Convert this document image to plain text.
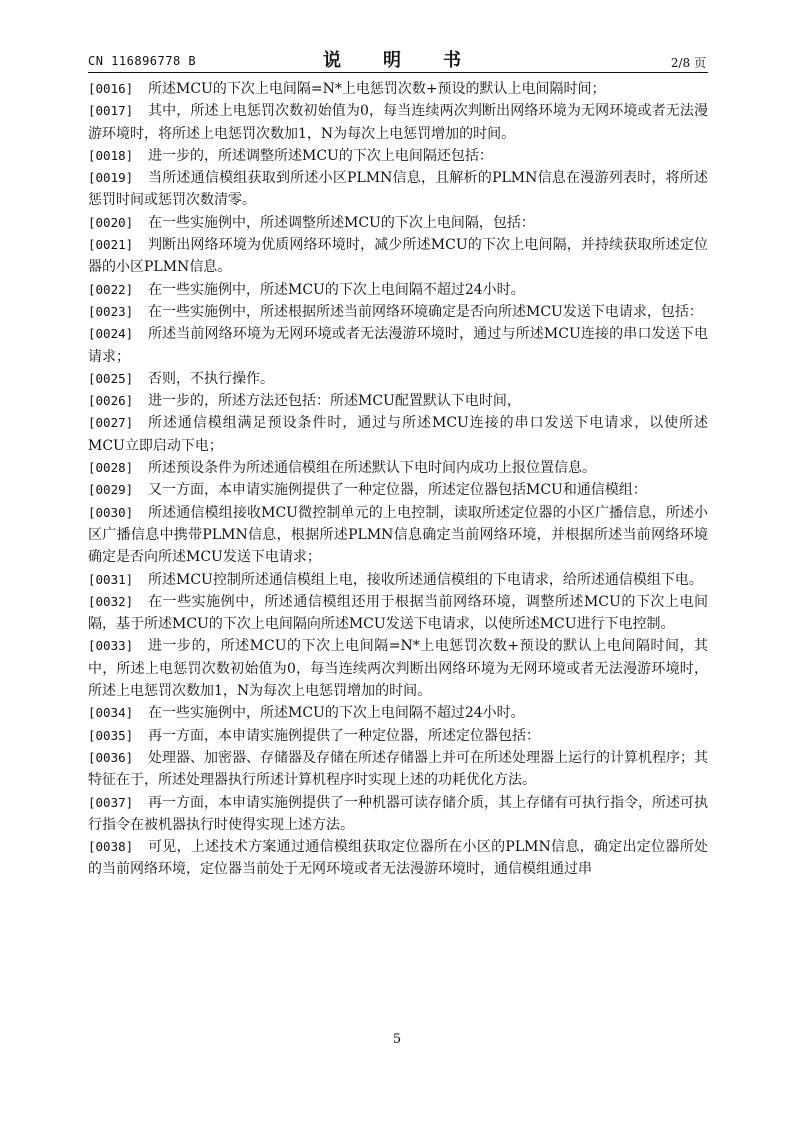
CN 116896778 B	说　明　书	2/8 页

[0016] 所述MCU的下次上电间隔=N*上电惩罚次数+预设的默认上电间隔时间；

[0017] 其中，所述上电惩罚次数初始值为0，每当连续两次判断出网络环境为无网环境或者无法漫游环境时，将所述上电惩罚次数加1，N为每次上电惩罚增加的时间。

[0018] 进一步的，所述调整所述MCU的下次上电间隔还包括：

[0019] 当所述通信模组获取到所述小区PLMN信息，且解析的PLMN信息在漫游列表时，将所述惩罚时间或惩罚次数清零。

[0020] 在一些实施例中，所述调整所述MCU的下次上电间隔，包括：

[0021] 判断出网络环境为优质网络环境时，减少所述MCU的下次上电间隔，并持续获取所述定位器的小区PLMN信息。

[0022] 在一些实施例中，所述MCU的下次上电间隔不超过24小时。

[0023] 在一些实施例中，所述根据所述当前网络环境确定是否向所述MCU发送下电请求，包括：

[0024] 所述当前网络环境为无网环境或者无法漫游环境时，通过与所述MCU连接的串口发送下电请求；

[0025] 否则，不执行操作。

[0026] 进一步的，所述方法还包括：所述MCU配置默认下电时间，

[0027] 所述通信模组满足预设条件时，通过与所述MCU连接的串口发送下电请求，以使所述MCU立即启动下电；

[0028] 所述预设条件为所述通信模组在所述默认下电时间内成功上报位置信息。

[0029] 又一方面，本申请实施例提供了一种定位器，所述定位器包括MCU和通信模组：

[0030] 所述通信模组接收MCU微控制单元的上电控制，读取所述定位器的小区广播信息，所述小区广播信息中携带PLMN信息，根据所述PLMN信息确定当前网络环境，并根据所述当前网络环境确定是否向所述MCU发送下电请求；

[0031] 所述MCU控制所述通信模组上电，接收所述通信模组的下电请求，给所述通信模组下电。

[0032] 在一些实施例中，所述通信模组还用于根据当前网络环境，调整所述MCU的下次上电间隔，基于所述MCU的下次上电间隔向所述MCU发送下电请求，以使所述MCU进行下电控制。

[0033] 进一步的，所述MCU的下次上电间隔=N*上电惩罚次数+预设的默认上电间隔时间，其中，所述上电惩罚次数初始值为0，每当连续两次判断出网络环境为无网环境或者无法漫游环境时，所述上电惩罚次数加1，N为每次上电惩罚增加的时间。

[0034] 在一些实施例中，所述MCU的下次上电间隔不超过24小时。

[0035] 再一方面，本申请实施例提供了一种定位器，所述定位器包括：

[0036] 处理器、加密器、存储器及存储在所述存储器上并可在所述处理器上运行的计算机程序；其特征在于，所述处理器执行所述计算机程序时实现上述的功耗优化方法。

[0037] 再一方面，本申请实施例提供了一种机器可读存储介质，其上存储有可执行指令，所述可执行指令在被机器执行时使得实现上述方法。

[0038] 可见，上述技术方案通过通信模组获取定位器所在小区的PLMN信息，确定出定位器所处的当前网络环境，定位器当前处于无网环境或者无法漫游环境时，通信模组通过串

5
